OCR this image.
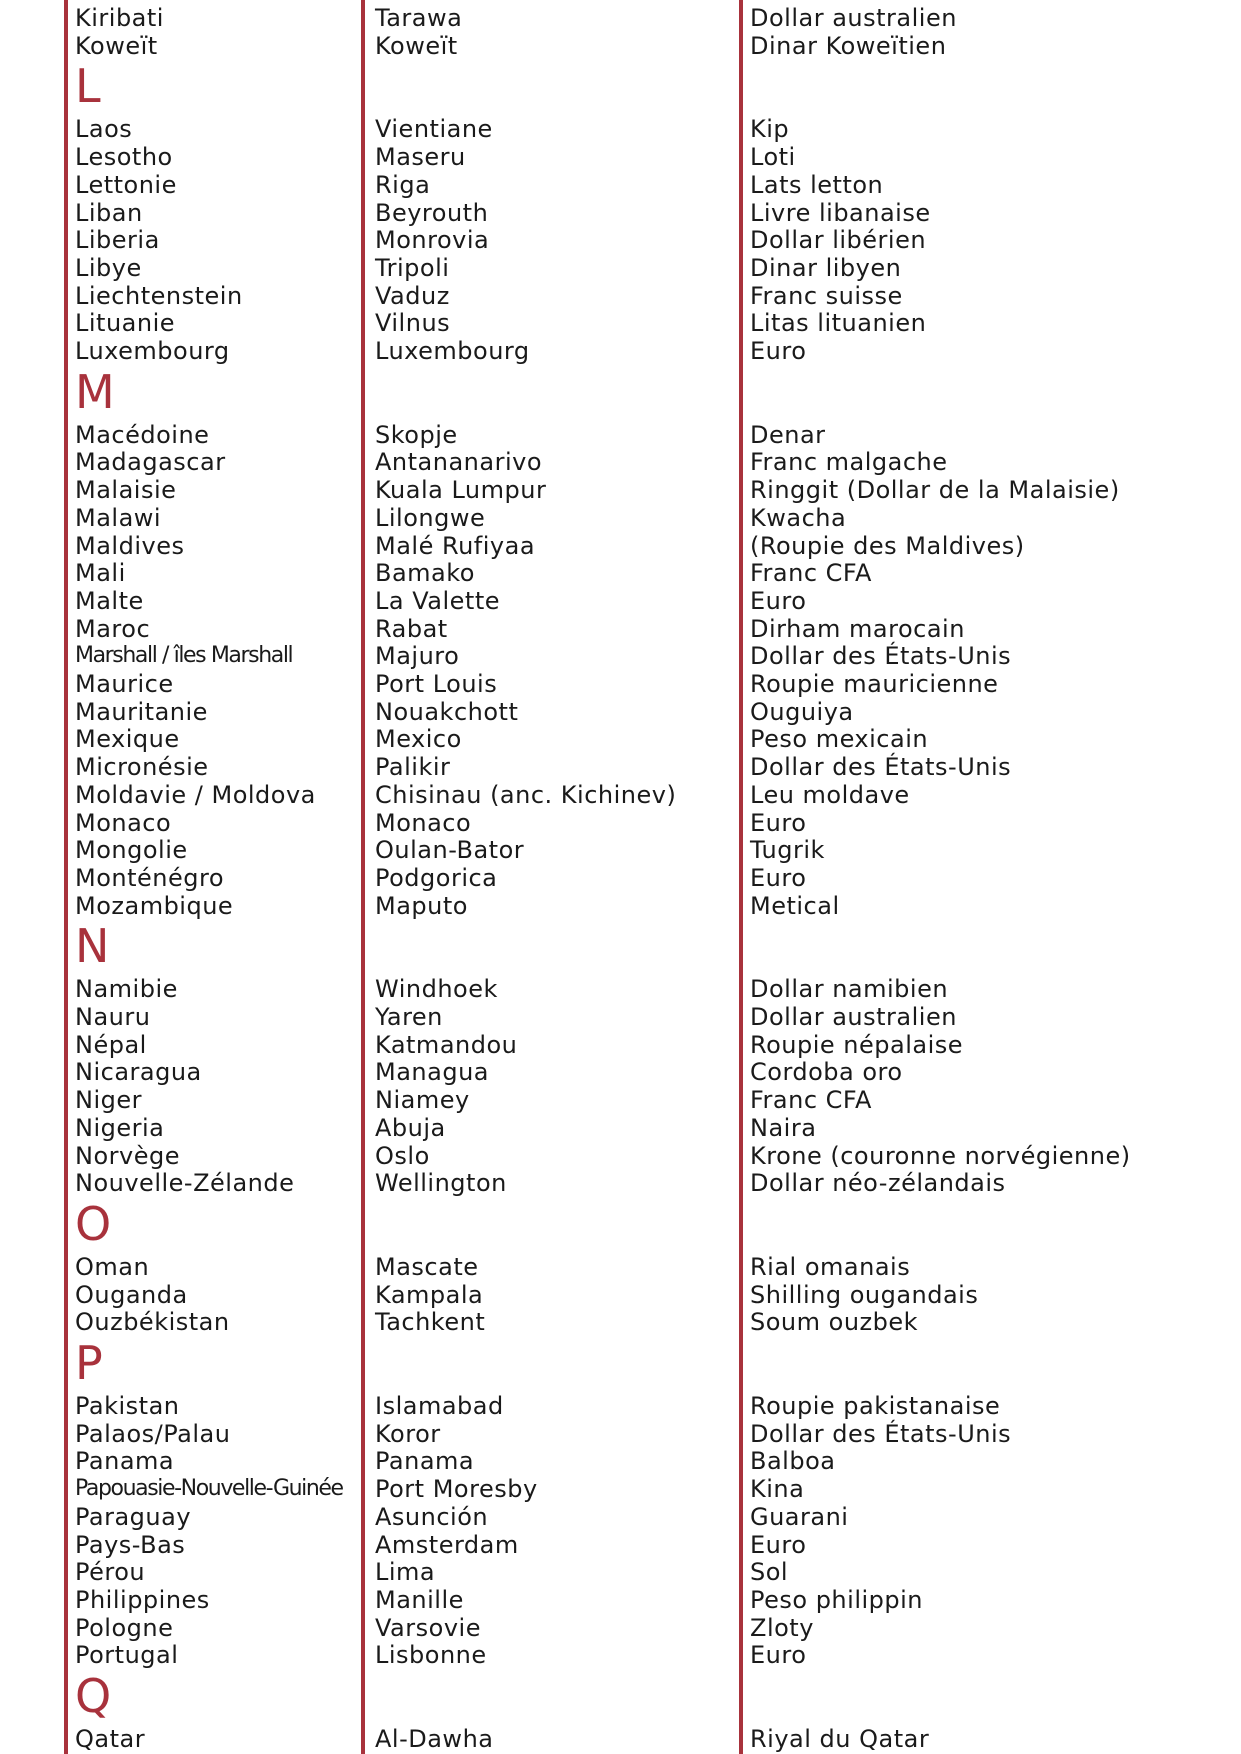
Kiribati
Koweït
L
Laos
Lesotho
Lettonie
Liban
Liberia
Libye
Liechtenstein
Lituanie
Luxembourg
M
Macédoine
Madagascar
Malaisie
Malawi
Maldives
Mali
Malte
Maroc
Marshall / îles Marshall
Maurice
Mauritanie
Mexique
Micronésie
Moldavie / Moldova
Monaco
Mongolie
Monténégro
Mozambique
N
Namibie
Nauru
Népal
Nicaragua
Niger
Nigeria
Norvège
Nouvelle-Zélande
O
Oman
Ouganda
Ouzbékistan
P
Pakistan
Palaos/Palau
Panama
Papouasie-Nouvelle-Guinée
Paraguay
Pays-Bas
Pérou
Philippines
Pologne
Portugal
Q
Qatar
Tarawa
Koweït
Vientiane
Maseru
Riga
Beyrouth
Monrovia
Tripoli
Vaduz
Vilnus
Luxembourg
Skopje
Antananarivo
Kuala Lumpur
Lilongwe
Malé Rufiyaa
Bamako
La Valette
Rabat
Majuro
Port Louis
Nouakchott
Mexico
Palikir
Chisinau (anc. Kichinev)
Monaco
Oulan-Bator
Podgorica
Maputo
Windhoek
Yaren
Katmandou
Managua
Niamey
Abuja
Oslo
Wellington
Mascate
Kampala
Tachkent
Islamabad
Koror
Panama
Port Moresby
Asunción
Amsterdam
Lima
Manille
Varsovie
Lisbonne
Al-Dawha
Dollar australien
Dinar Koweïtien
Kip
Loti
Lats letton
Livre libanaise
Dollar libérien
Dinar libyen
Franc suisse
Litas lituanien
Euro
Denar
Franc malgache
Ringgit (Dollar de la Malaisie)
Kwacha
(Roupie des Maldives)
Franc CFA
Euro
Dirham marocain
Dollar des États-Unis
Roupie mauricienne
Ouguiya
Peso mexicain
Dollar des États-Unis
Leu moldave
Euro
Tugrik
Euro
Metical
Dollar namibien
Dollar australien
Roupie népalaise
Cordoba oro
Franc CFA
Naira
Krone (couronne norvégienne)
Dollar néo-zélandais
Rial omanais
Shilling ougandais
Soum ouzbek
Roupie pakistanaise
Dollar des États-Unis
Balboa
Kina
Guarani
Euro
Sol
Peso philippin
Zloty
Euro
Riyal du Qatar
